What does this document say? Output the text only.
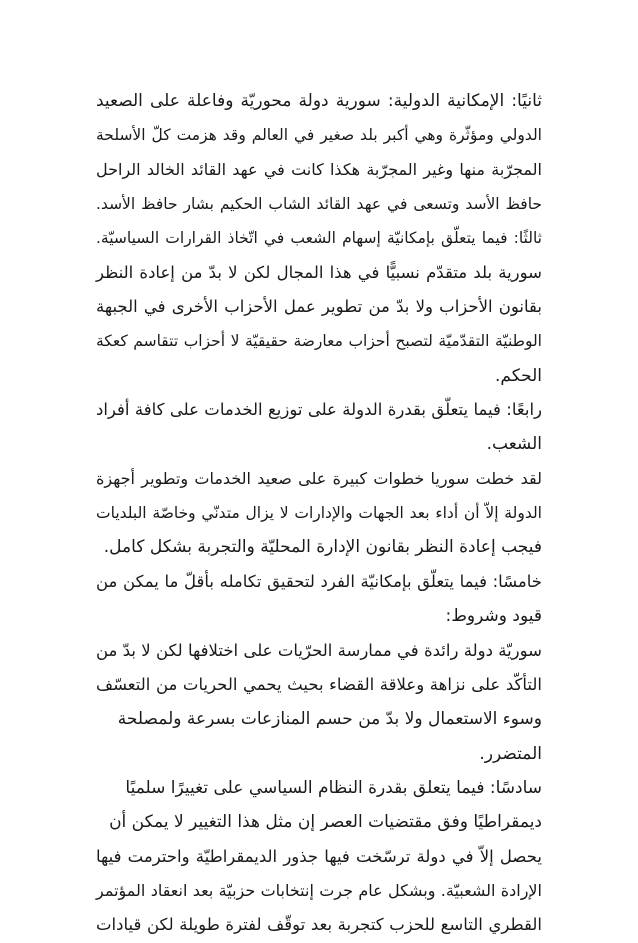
ثانيًا: الإمكانية الدولية: سورية دولة محوريّة وفاعلة على الصعيد
الدولي ومؤثّرة وهي أكبر بلد صغير في العالم وقد هزمت كلّ الأسلحة
المجرّبة منها وغير المجرّبة هكذا كانت في عهد القائد الخالد الراحل
حافظ الأسد وتسعى في عهد القائد الشاب الحكيم بشار حافظ الأسد.
ثالثًا: فيما يتعلّق بإمكانيّة إسهام الشعب في اتّخاذ القرارات السياسيّة.
سورية بلد متقدّم نسبيًّا في هذا المجال لكن لا بدّ من إعادة النظر
بقانون الأحزاب ولا بدّ من تطوير عمل الأحزاب الأخرى في الجبهة
الوطنيّة التقدّميّة لتصبح أحزاب معارضة حقيقيّة لا أحزاب تتقاسم كعكة
الحكم.
رابعًا: فيما يتعلّق بقدرة الدولة على توزيع الخدمات على كافة أفراد
الشعب.
لقد خطت سوريا خطوات كبيرة على صعيد الخدمات وتطوير أجهزة
الدولة إلاّ أن أداء بعد الجهات والإدارات لا يزال متدنّي وخاصّة البلديات
فيجب إعادة النظر بقانون الإدارة المحليّة والتجربة بشكل كامل.
خامسًا: فيما يتعلّق بإمكانيّة الفرد لتحقيق تكامله بأقلّ ما يمكن من
قيود وشروط:
سوريّة دولة رائدة في ممارسة الحرّيات على اختلافها لكن لا بدّ من
التأكّد على نزاهة وعلاقة القضاء بحيث يحمي الحريات من التعسّف
وسوء الاستعمال ولا بدّ من حسم المنازعات بسرعة ولمصلحة
المتضرر.
سادسًا: فيما يتعلق بقدرة النظام السياسي على تغييرًا سلميًا
ديمقراطيًا وفق مقتضيات العصر إن مثل هذا التغيير لا يمكن أن
يحصل إلاّ في دولة ترسّخت فيها جذور الديمقراطيّة واحترمت فيها
الإرادة الشعبيّة. وبشكل عام جرت إنتخابات حزبيّة بعد انعقاد المؤتمر
القطري التاسع للحزب كتجربة بعد توقّف لفترة طويلة لكن قيادات
